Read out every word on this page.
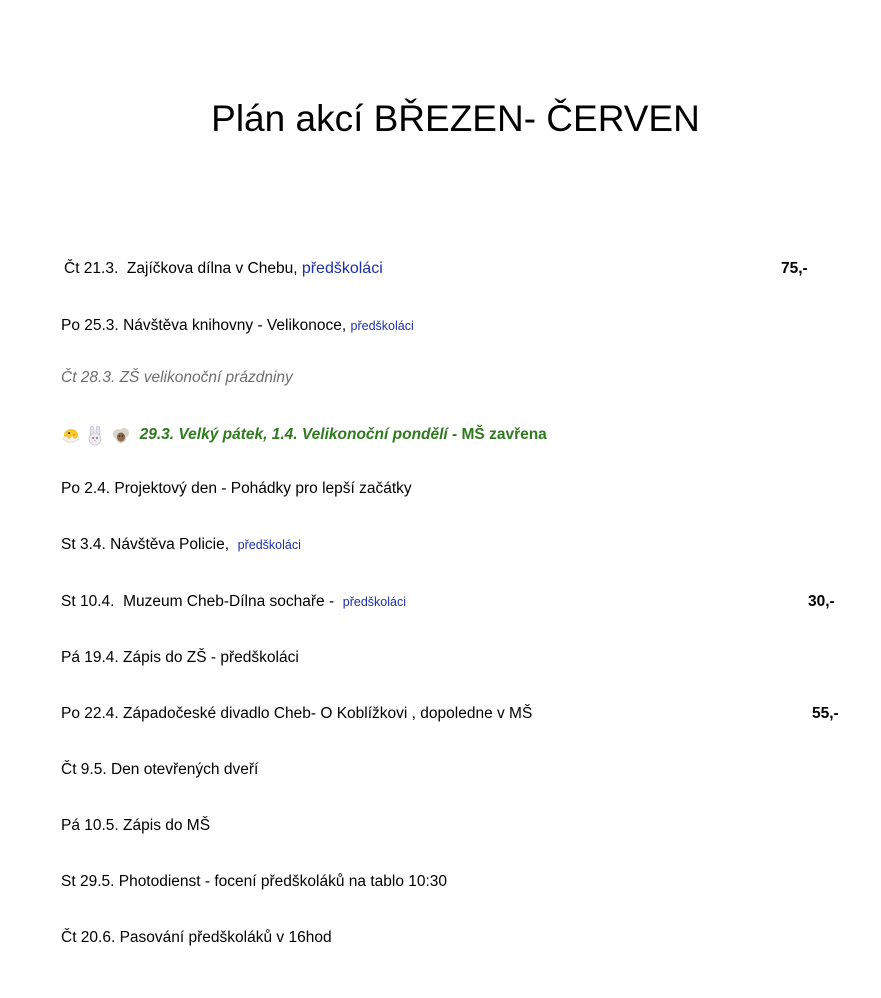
Plán akcí BŘEZEN- ČERVEN
Čt 21.3. Zajíčkova dílna v Chebu, předškoláci	75,-
Po 25.3. Návštěva knihovny - Velikonoce, předškoláci
Čt 28.3. ZŠ velikonoční prázdniny
29.3. Velký pátek, 1.4. Velikonoční pondělí - MŠ zavřena
Po 2.4. Projektový den - Pohádky pro lepší začátky
St 3.4. Návštěva Policie, předškoláci
St 10.4. Muzeum Cheb-Dílna sochaře - předškoláci	30,-
Pá 19.4. Zápis do ZŠ - předškoláci
Po 22.4. Západočeské divadlo Cheb- O Koblížkovi , dopoledne v MŠ	55,-
Čt 9.5. Den otevřených dveří
Pá 10.5. Zápis do MŠ
St 29.5. Photodienst - focení předškoláků na tablo 10:30
Čt 20.6. Pasování předškoláků v 16hod
